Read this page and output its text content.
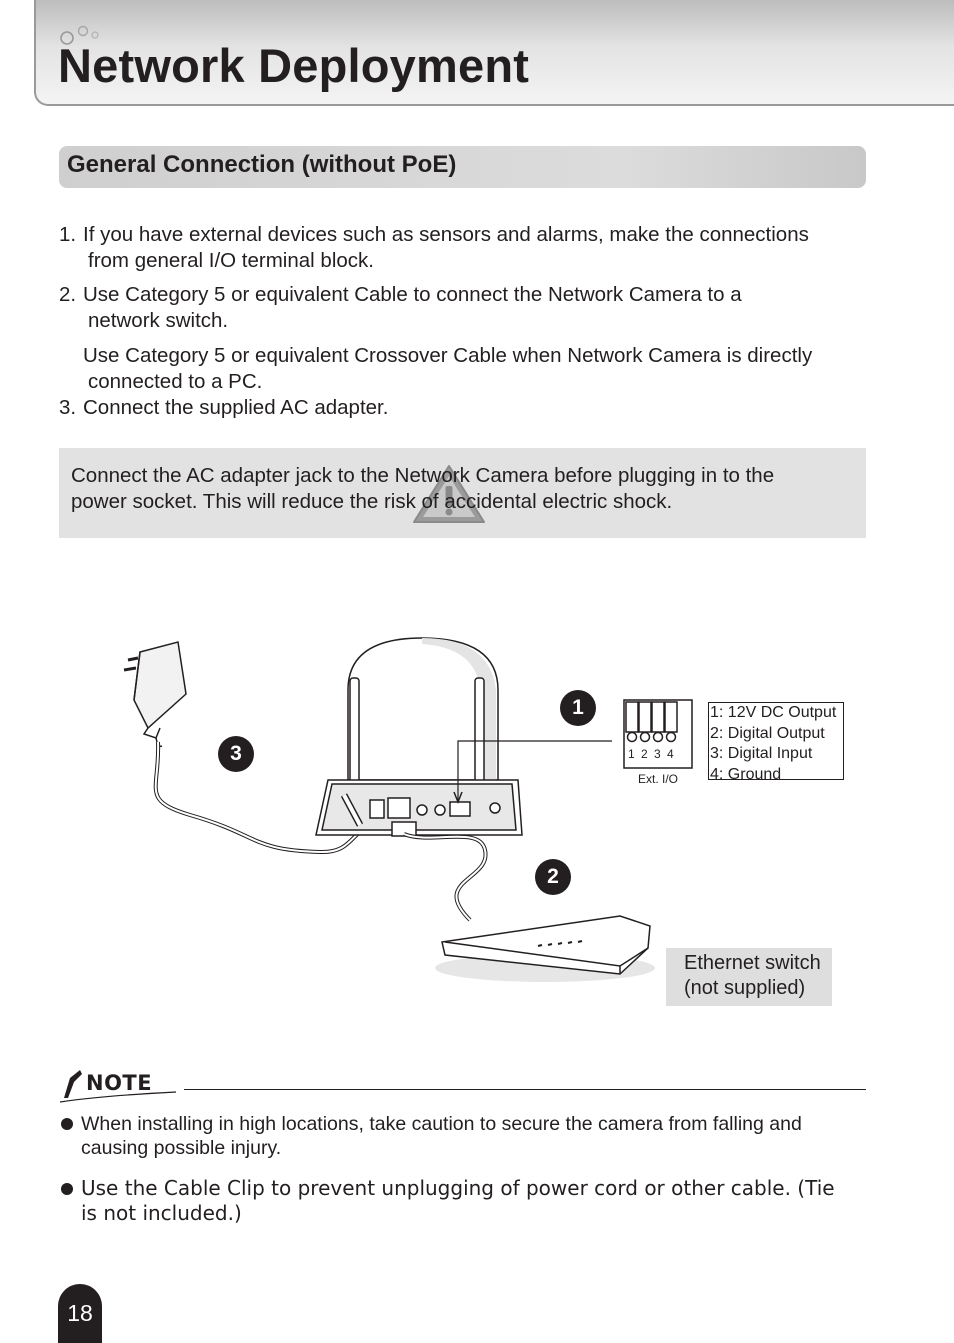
Network Deployment
General Connection (without PoE)
1. If you have external devices such as sensors and alarms, make the connections
from general I/O terminal block.
2. Use Category 5 or equivalent Cable to connect the Network Camera to a
network switch.
Use Category 5 or equivalent Crossover Cable when Network Camera is directly
connected to a PC.
3. Connect the supplied AC adapter.

Connect the AC adapter jack to the Network Camera before plugging in to the
power socket. This will reduce the risk of accidental electric shock.

1 2 3 4
1
2
3
Ext. I/O
1: 12V DC Output
2: Digital Output
3: Digital Input
4: Ground
Ethernet switch
(not supplied)
NOTE
When installing in high locations, take caution to secure the camera from falling and
causing possible injury.
Use the Cable Clip to prevent unplugging of power cord or other cable. (Tie
is not included.)
18
